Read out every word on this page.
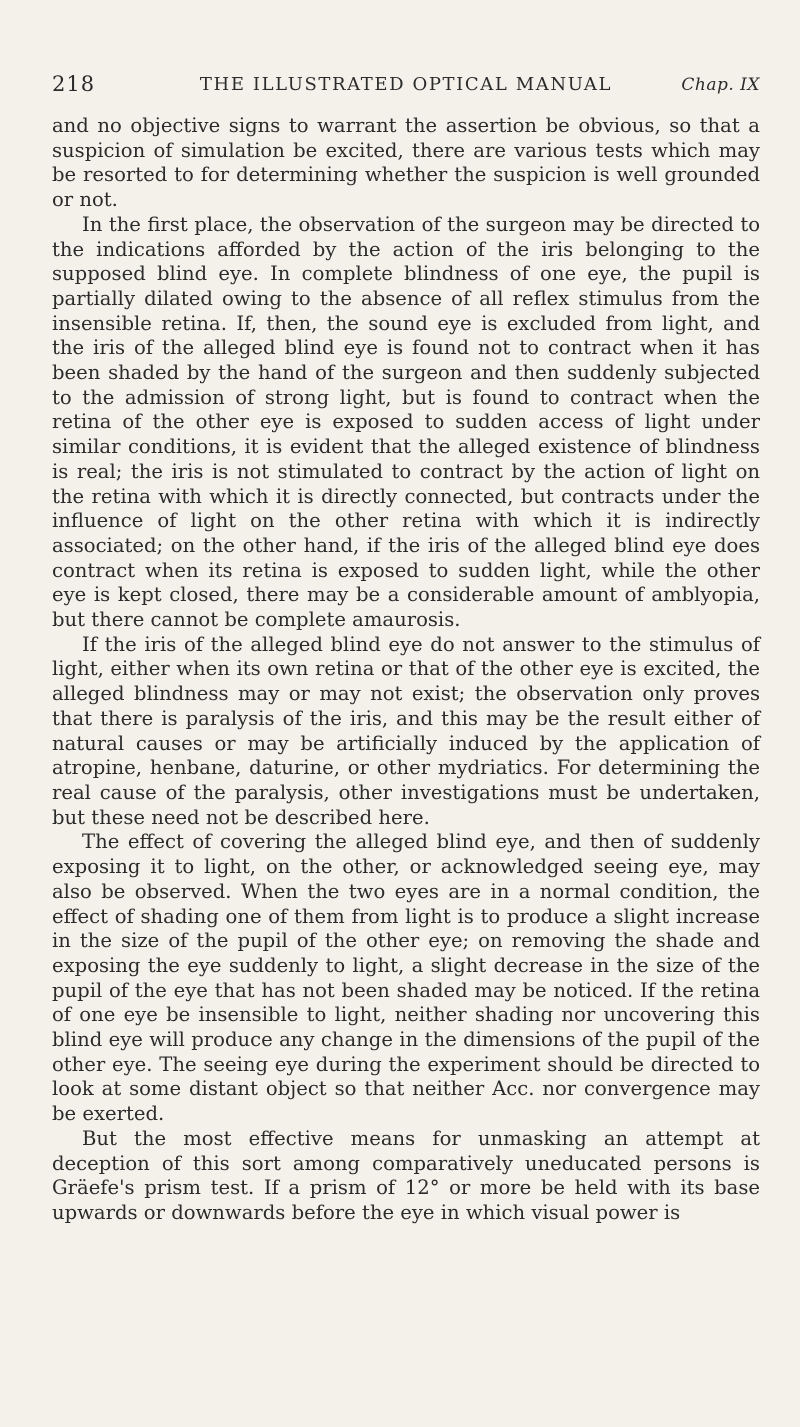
218	THE ILLUSTRATED OPTICAL MANUAL	Chap. IX

and no objective signs to warrant the assertion be obvious, so that a suspicion of simulation be excited, there are various tests which may be resorted to for determining whether the suspicion is well grounded or not.

In the first place, the observation of the surgeon may be directed to the indications afforded by the action of the iris belonging to the supposed blind eye. In complete blindness of one eye, the pupil is partially dilated owing to the absence of all reflex stimulus from the insensible retina. If, then, the sound eye is excluded from light, and the iris of the alleged blind eye is found not to contract when it has been shaded by the hand of the surgeon and then suddenly subjected to the admission of strong light, but is found to contract when the retina of the other eye is exposed to sudden access of light under similar conditions, it is evident that the alleged existence of blindness is real; the iris is not stimulated to contract by the action of light on the retina with which it is directly connected, but contracts under the influence of light on the other retina with which it is indirectly associated; on the other hand, if the iris of the alleged blind eye does contract when its retina is exposed to sudden light, while the other eye is kept closed, there may be a considerable amount of amblyopia, but there cannot be complete amaurosis.

If the iris of the alleged blind eye do not answer to the stimulus of light, either when its own retina or that of the other eye is excited, the alleged blindness may or may not exist; the observation only proves that there is paralysis of the iris, and this may be the result either of natural causes or may be artificially induced by the application of atropine, henbane, daturine, or other mydriatics. For determining the real cause of the paralysis, other investigations must be undertaken, but these need not be described here.

The effect of covering the alleged blind eye, and then of suddenly exposing it to light, on the other, or acknowledged seeing eye, may also be observed. When the two eyes are in a normal condition, the effect of shading one of them from light is to produce a slight increase in the size of the pupil of the other eye; on removing the shade and exposing the eye suddenly to light, a slight decrease in the size of the pupil of the eye that has not been shaded may be noticed. If the retina of one eye be insensible to light, neither shading nor uncovering this blind eye will produce any change in the dimensions of the pupil of the other eye. The seeing eye during the experiment should be directed to look at some distant object so that neither Acc. nor convergence may be exerted.

But the most effective means for unmasking an attempt at deception of this sort among comparatively uneducated persons is Gräefe's prism test. If a prism of 12° or more be held with its base upwards or downwards before the eye in which visual power is
